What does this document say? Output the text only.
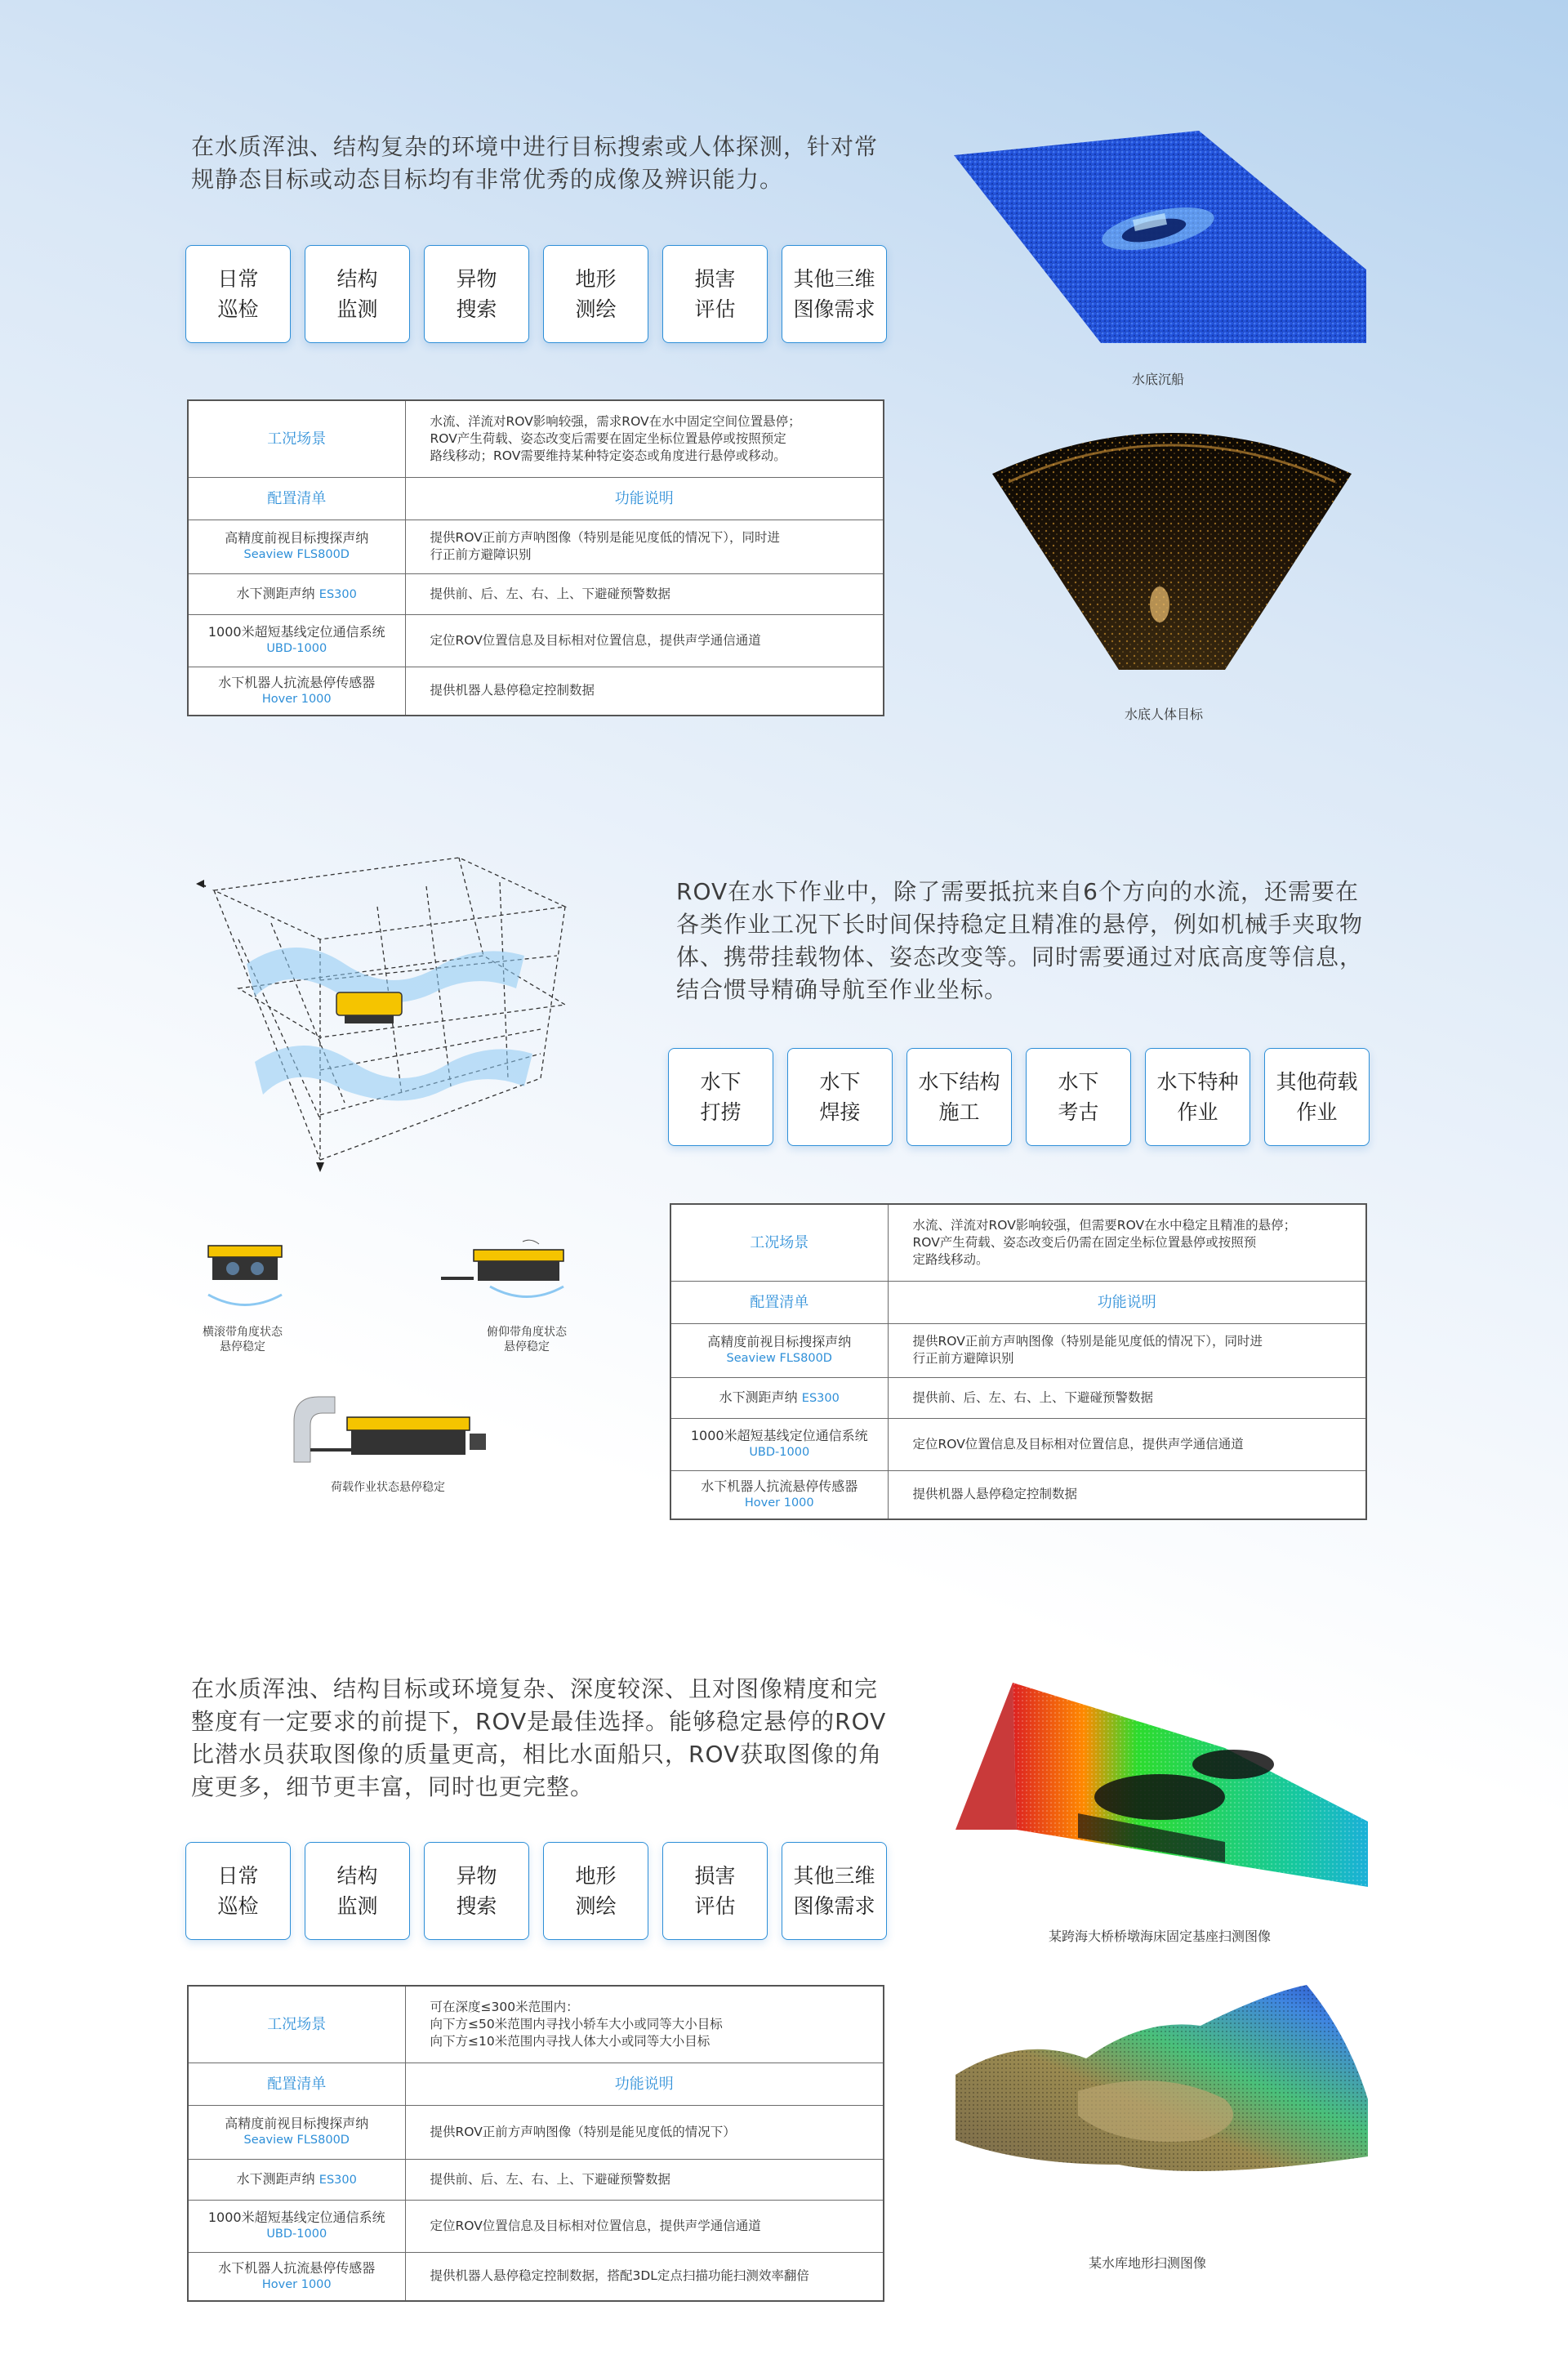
在水质浑浊、结构复杂的环境中进行目标搜索或人体探测，针对常规静态目标或动态目标均有非常优秀的成像及辨识能力。
日常
巡检
结构
监测
异物
搜索
地形
测绘
损害
评估
其他三维
图像需求
工况场景	水流、洋流对ROV影响较强，需求ROV在水中固定空间位置悬停；
ROV产生荷载、姿态改变后需要在固定坐标位置悬停或按照预定
路线移动；ROV需要维持某种特定姿态或角度进行悬停或移动。
配置清单	功能说明
高精度前视目标搜探声纳
Seaview FLS800D	提供ROV正前方声呐图像（特别是能见度低的情况下），同时进
行正前方避障识别
水下测距声纳 ES300	提供前、后、左、右、上、下避碰预警数据
1000米超短基线定位通信系统
UBD-1000	定位ROV位置信息及目标相对位置信息，提供声学通信通道
水下机器人抗流悬停传感器
Hover 1000	提供机器人悬停稳定控制数据
水底沉船
水底人体目标
横滚带角度状态
悬停稳定
俯仰带角度状态
悬停稳定
荷载作业状态悬停稳定
ROV在水下作业中，除了需要抵抗来自6个方向的水流，还需要在各类作业工况下长时间保持稳定且精准的悬停，例如机械手夹取物体、携带挂载物体、姿态改变等。同时需要通过对底高度等信息，结合惯导精确导航至作业坐标。
水下
打捞
水下
焊接
水下结构
施工
水下
考古
水下特种
作业
其他荷载
作业
工况场景	水流、洋流对ROV影响较强，但需要ROV在水中稳定且精准的悬停；
ROV产生荷载、姿态改变后仍需在固定坐标位置悬停或按照预
定路线移动。
配置清单	功能说明
高精度前视目标搜探声纳
Seaview FLS800D	提供ROV正前方声呐图像（特别是能见度低的情况下），同时进
行正前方避障识别
水下测距声纳 ES300	提供前、后、左、右、上、下避碰预警数据
1000米超短基线定位通信系统
UBD-1000	定位ROV位置信息及目标相对位置信息，提供声学通信通道
水下机器人抗流悬停传感器
Hover 1000	提供机器人悬停稳定控制数据
在水质浑浊、结构目标或环境复杂、深度较深、且对图像精度和完整度有一定要求的前提下，ROV是最佳选择。能够稳定悬停的ROV比潜水员获取图像的质量更高，相比水面船只，ROV获取图像的角度更多，细节更丰富，同时也更完整。
日常
巡检
结构
监测
异物
搜索
地形
测绘
损害
评估
其他三维
图像需求
工况场景	可在深度≤300米范围内：
向下方≤50米范围内寻找小轿车大小或同等大小目标
向下方≤10米范围内寻找人体大小或同等大小目标
配置清单	功能说明
高精度前视目标搜探声纳
Seaview FLS800D	提供ROV正前方声呐图像（特别是能见度低的情况下）
水下测距声纳 ES300	提供前、后、左、右、上、下避碰预警数据
1000米超短基线定位通信系统
UBD-1000	定位ROV位置信息及目标相对位置信息，提供声学通信通道
水下机器人抗流悬停传感器
Hover 1000	提供机器人悬停稳定控制数据，搭配3DL定点扫描功能扫测效率翻倍
某跨海大桥桥墩海床固定基座扫测图像
某水库地形扫测图像
